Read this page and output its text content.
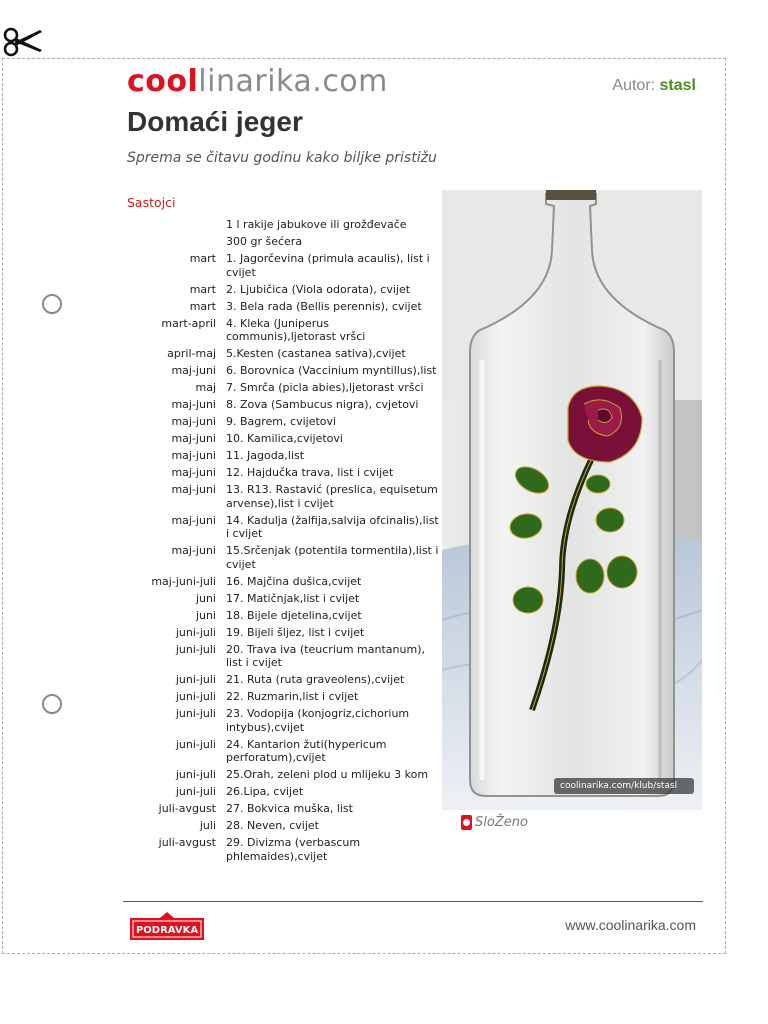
coollinarika.com	Autor: stasl
Domaći jeger
Sprema se čitavu godinu kako biljke pristižu
Sastojci
1 l rakije jabukove ili grožđevače
300 gr šećera
mart 1. Jagorčevina (primula acaulis), list i cvijet
mart 2. Ljubičica (Viola odorata), cvijet
mart 3. Bela rada (Bellis perennis), cvijet
mart-april 4. Kleka (Juniperus communis),ljetorast vršci
april-maj 5.Kesten (castanea sativa),cvijet
maj-juni 6. Borovnica (Vaccinium myntillus),list
maj 7. Smrča (picla abies),ljetorast vršci
maj-juni 8. Zova (Sambucus nigra), cvjetovi
maj-juni 9. Bagrem, cvijetovi
maj-juni 10. Kamilica,cvijetovi
maj-juni 11. Jagoda,list
maj-juni 12. Hajdučka trava, list i cvijet
maj-juni 13. R13. Rastavić (preslica, equisetum arvense),list i cvijet
maj-juni 14. Kadulja (žalfija,salvija ofcinalis),list i cvijet
maj-juni 15.Srčenjak (potentila tormentila),list i cvijet
maj-juni-juli 16. Majčina dušica,cvijet
juni 17. Matičnjak,list i cvijet
juni 18. Bijele djetelina,cvijet
juni-juli 19. Bijeli šljez, list i cvijet
juni-juli 20. Trava iva (teucrium mantanum), list i cvijet
juni-juli 21. Ruta (ruta graveolens),cvijet
juni-juli 22. Ruzmarin,list i cvijet
juni-juli 23. Vodopija (konjogriz,cichorium intybus),cvijet
juni-juli 24. Kantarion žuti(hypericum perforatum),cvijet
juni-juli 25.Orah, zeleni plod u mlijeku 3 kom
juni-juli 26.Lipa, cvijet
juli-avgust 27. Bokvica muška, list
juli 28. Neven, cvijet
juli-avgust 29. Divizma (verbascum phlemaides),cvijet
coolinarika.com/klub/stasl
SloŽeno
PODRAVKA	www.coolinarika.com
